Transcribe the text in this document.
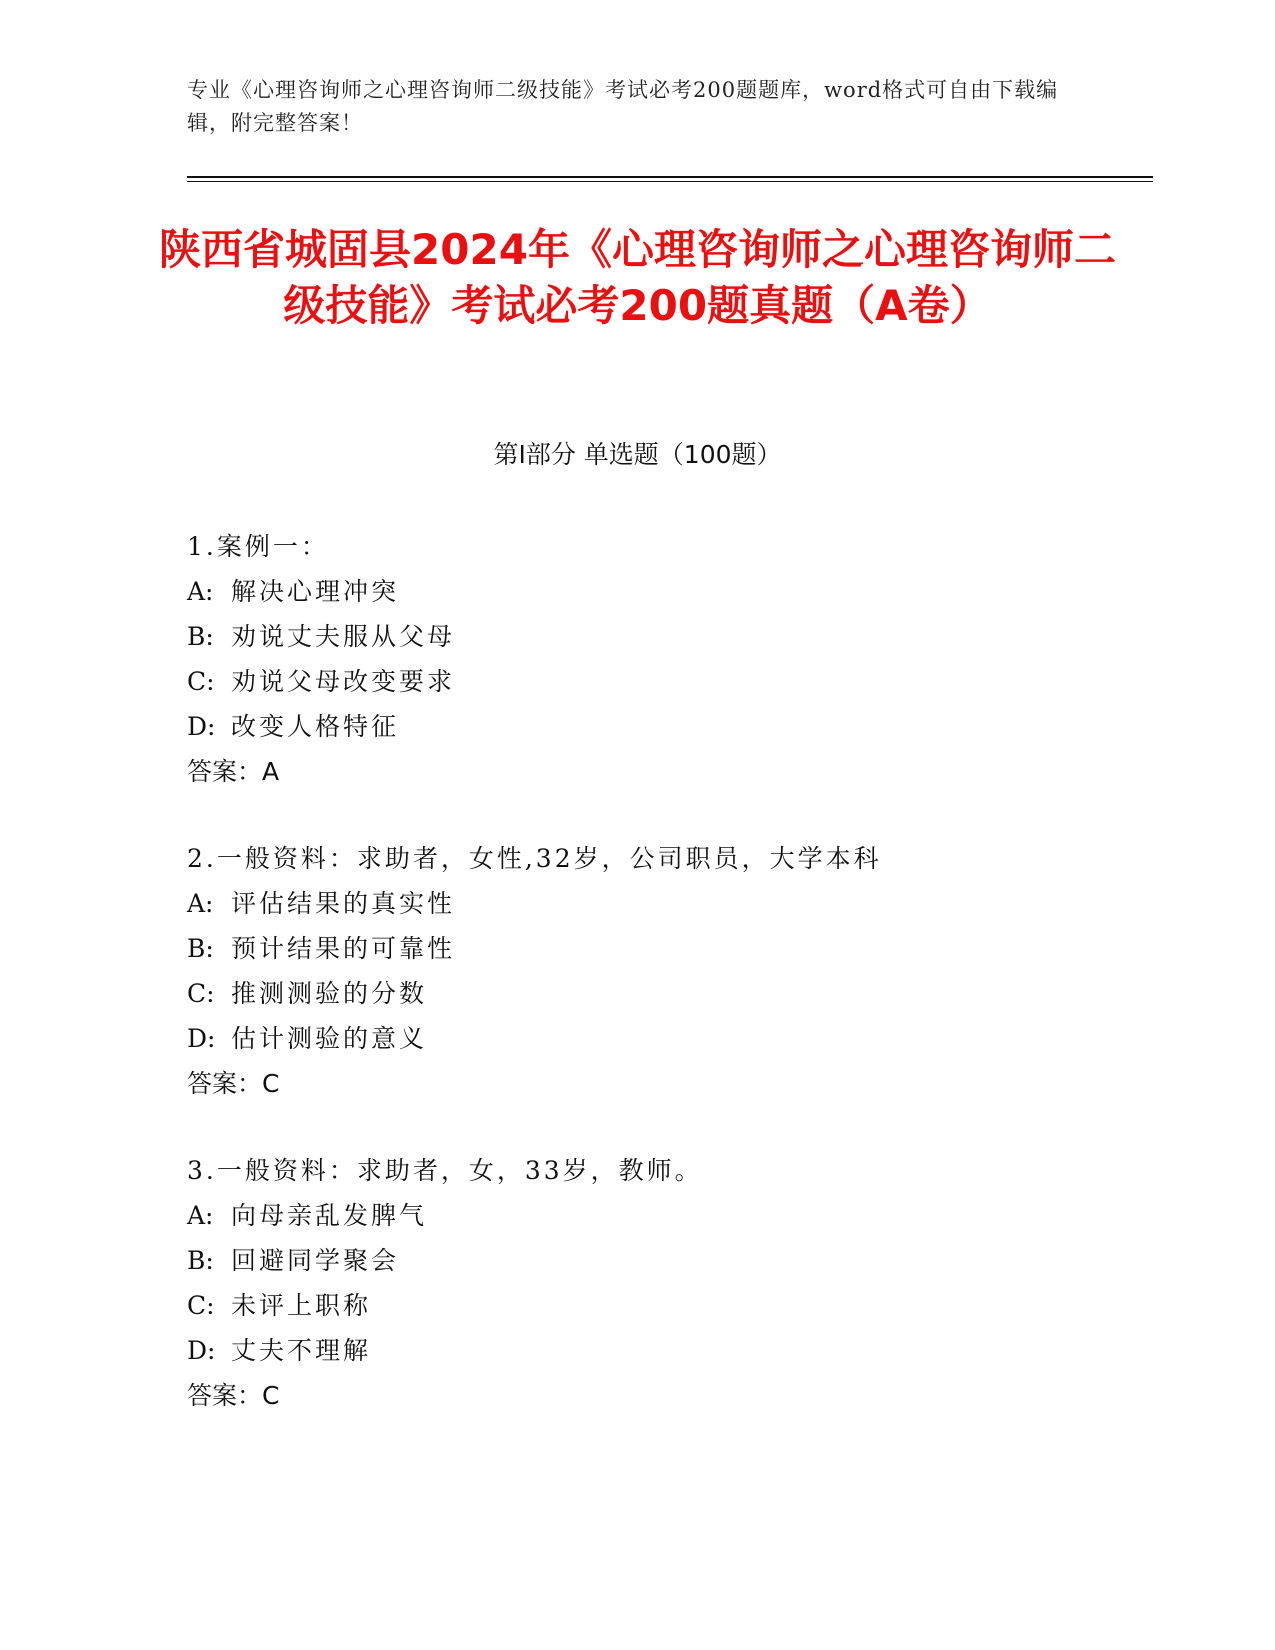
专业《心理咨询师之心理咨询师二级技能》考试必考200题题库，word格式可自由下载编辑，附完整答案！
陕西省城固县2024年《心理咨询师之心理咨询师二级技能》考试必考200题真题（A卷）
第I部分 单选题（100题）
1.案例一：
A: 解决心理冲突
B: 劝说丈夫服从父母
C: 劝说父母改变要求
D: 改变人格特征
答案：A
2.一般资料：求助者，女性,32岁，公司职员，大学本科
A: 评估结果的真实性
B: 预计结果的可靠性
C: 推测测验的分数
D: 估计测验的意义
答案：C
3.一般资料：求助者，女，33岁，教师。
A: 向母亲乱发脾气
B: 回避同学聚会
C: 未评上职称
D: 丈夫不理解
答案：C
